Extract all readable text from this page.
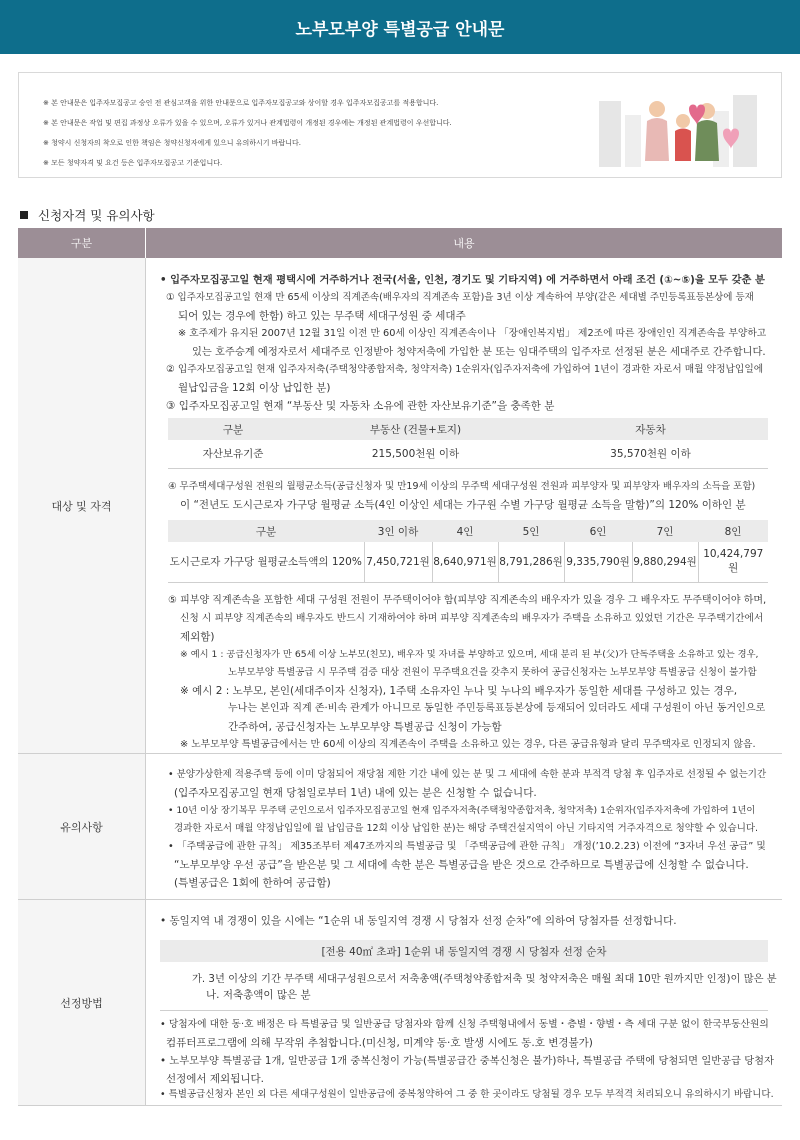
노부모부양 특별공급 안내문

※ 본 안내문은 입주자모집공고 승인 전 관심고객을 위한 안내문으로 입주자모집공고와 상이할 경우 입주자모집공고를 적용합니다.

※ 본 안내문은 작업 및 편집 과정상 오류가 있을 수 있으며, 오류가 있거나 관계법령이 개정된 경우에는 개정된 관계법령이 우선합니다.

※ 청약시 신청자의 착오로 인한 책임은 청약신청자에게 있으니 유의하시기 바랍니다.

※ 모든 청약자격 및 요건 등은 입주자모집공고 기준입니다.

신청자격 및 유의사항
구분	내용
대상 및 자격
• 입주자모집공고일 현재 평택시에 거주하거나 전국(서울, 인천, 경기도 및 기타지역) 에 거주하면서 아래 조건 (①~⑤)을 모두 갖춘 분
① 입주자모집공고일 현재 만 65세 이상의 직계존속(배우자의 직계존속 포함)을 3년 이상 계속하여 부양(같은 세대별 주민등록표등본상에 등재
되어 있는 경우에 한함) 하고 있는 무주택 세대구성원 중 세대주
※ 호주제가 유지된 2007년 12월 31일 이전 만 60세 이상인 직계존속이나 「장애인복지법」 제2조에 따른 장애인인 직계존속을 부양하고
있는 호주승계 예정자로서 세대주로 인정받아 청약저축에 가입한 분 또는 임대주택의 입주자로 선정된 분은 세대주로 간주합니다.
② 입주자모집공고일 현재 입주자저축(주택청약종합저축, 청약저축) 1순위자(입주자저축에 가입하여 1년이 경과한 자로서 매월 약정납입일에
월납입금을 12회 이상 납입한 분)
③ 입주자모집공고일 현재 “부동산 및 자동차 소유에 관한 자산보유기준”을 충족한 분
구분	부동산 (건물+토지)	자동차
자산보유기준	215,500천원 이하	35,570천원 이하
④ 무주택세대구성원 전원의 월평균소득(공급신청자 및 만19세 이상의 무주택 세대구성원 전원과 피부양자 및 피부양자 배우자의 소득을 포함)
이 “전년도 도시근로자 가구당 월평균 소득(4인 이상인 세대는 가구원 수별 가구당 월평균 소득을 말함)”의 120% 이하인 분
구분	3인 이하	4인	5인	6인	7인	8인
도시근로자 가구당 월평균소득액의 120%	7,450,721원	8,640,971원	8,791,286원	9,335,790원	9,880,294원	10,424,797원
⑤ 피부양 직계존속을 포함한 세대 구성원 전원이 무주택이어야 함(피부양 직계존속의 배우자가 있을 경우 그 배우자도 무주택이어야 하며,
신청 시 피부양 직계존속의 배우자도 반드시 기재하여야 하며 피부양 직계존속의 배우자가 주택을 소유하고 있었던 기간은 무주택기간에서
제외함)
※ 예시 1 : 공급신청자가 만 65세 이상 노부모(친모), 배우자 및 자녀를 부양하고 있으며, 세대 분리 된 부(父)가 단독주택을 소유하고 있는 경우,
노부모부양 특별공급 시 무주택 검증 대상 전원이 무주택요건을 갖추지 못하여 공급신청자는 노부모부양 특별공급 신청이 불가함
※ 예시 2 : 노부모, 본인(세대주이자 신청자), 1주택 소유자인 누나 및 누나의 배우자가 동일한 세대를 구성하고 있는 경우,
누나는 본인과 직계 존·비속 관계가 아니므로 동일한 주민등록표등본상에 등재되어 있더라도 세대 구성원이 아닌 동거인으로
간주하여, 공급신청자는 노부모부양 특별공급 신청이 가능함
※ 노부모부양 특별공급에서는 만 60세 이상의 직계존속이 주택을 소유하고 있는 경우, 다른 공급유형과 달리 무주택자로 인정되지 않음.
유의사항
• 분양가상한제 적용주택 등에 이미 당첨되어 재당첨 제한 기간 내에 있는 분 및 그 세대에 속한 분과 부적격 당첨 후 입주자로 선정될 수 없는기간
(입주자모집공고일 현재 당첨일로부터 1년) 내에 있는 분은 신청할 수 없습니다.
• 10년 이상 장기복무 무주택 군인으로서 입주자모집공고일 현재 입주자저축(주택청약종합저축, 청약저축) 1순위자(입주자저축에 가입하여 1년이
경과한 자로서 매월 약정납입일에 월 납입금을 12회 이상 납입한 분)는 해당 주택건설지역이 아닌 기타지역 거주자격으로 청약할 수 있습니다.
• 「주택공급에 관한 규칙」 제35조부터 제47조까지의 특별공급 및 「주택공급에 관한 규칙」 개정(’10.2.23) 이전에 “3자녀 우선 공급” 및
“노부모부양 우선 공급”을 받은분 및 그 세대에 속한 분은 특별공급을 받은 것으로 간주하므로 특별공급에 신청할 수 없습니다.
(특별공급은 1회에 한하여 공급함)
선정방법
• 동일지역 내 경쟁이 있을 시에는 “1순위 내 동일지역 경쟁 시 당첨자 선정 순차”에 의하여 당첨자를 선정합니다.
[전용 40㎡ 초과] 1순위 내 동일지역 경쟁 시 당첨자 선정 순차
가. 3년 이상의 기간 무주택 세대구성원으로서 저축총액(주택청약종합저축 및 청약저축은 매월 최대 10만 원까지만 인정)이 많은 분
나. 저축총액이 많은 분
• 당첨자에 대한 동·호 배정은 타 특별공급 및 일반공급 당첨자와 함께 신청 주택형내에서 동별・층별・향별・측 세대 구분 없이 한국부동산원의
컴퓨터프로그램에 의해 무작위 추첨합니다.(미신청, 미계약 동·호 발생 시에도 동.호 변경불가)
• 노부모부양 특별공급 1개, 일반공급 1개 중복신청이 가능(특별공급간 중복신청은 불가)하나, 특별공급 주택에 당첨되면 일반공급 당첨자
선정에서 제외됩니다.
• 특별공급신청자 본인 외 다른 세대구성원이 일반공급에 중복청약하여 그 중 한 곳이라도 당첨될 경우 모두 부적격 처리되오니 유의하시기 바랍니다.
